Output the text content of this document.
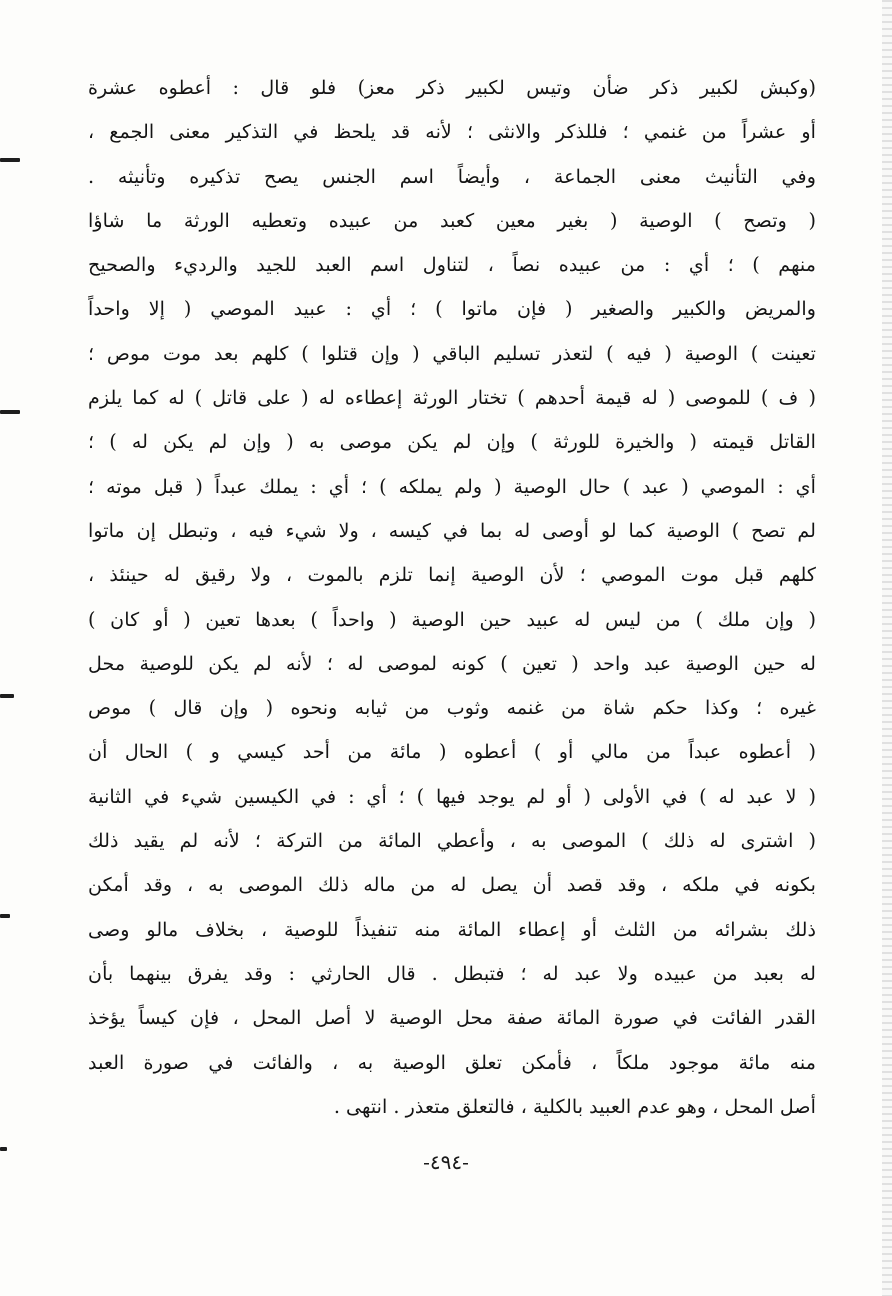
(وكبش لكبير ذكر ضأن وتيس لكبير ذكر معز) فلو قال : أعطوه عشرة
أو عشراً من غنمي ؛ فللذكر والانثى ؛ لأنه قد يلحظ في التذكير معنى الجمع ،
وفي التأنيث معنى الجماعة ، وأيضاً اسم الجنس يصح تذكيره وتأنيثه .
( وتصح ) الوصية ( بغير معين كعبد من عبيده وتعطيه الورثة ما شاؤا
منهم ) ؛ أي : من عبيده نصاً ، لتناول اسم العبد للجيد والرديء والصحيح
والمريض والكبير والصغير ( فإن ماتوا ) ؛ أي : عبيد الموصي ( إلا واحداً
تعينت ) الوصية ( فيه ) لتعذر تسليم الباقي ( وإن قتلوا ) كلهم بعد موت موص ؛
( ف ) للموصى ( له قيمة أحدهم ) تختار الورثة إعطاءه له ( على قاتل ) له كما يلزم
القاتل قيمته ( والخيرة للورثة ) وإن لم يكن موصى به ( وإن لم يكن له ) ؛
أي : الموصي ( عبد ) حال الوصية ( ولم يملكه ) ؛ أي : يملك عبداً ( قبل موته ؛
لم تصح ) الوصية كما لو أوصى له بما في كيسه ، ولا شيء فيه ، وتبطل إن ماتوا
كلهم قبل موت الموصي ؛ لأن الوصية إنما تلزم بالموت ، ولا رقيق له حينئذ ،
( وإن ملك ) من ليس له عبيد حين الوصية ( واحداً ) بعدها تعين ( أو كان )
له حين الوصية عبد واحد ( تعين ) كونه لموصى له ؛ لأنه لم يكن للوصية محل
غيره ؛ وكذا حكم شاة من غنمه وثوب من ثيابه ونحوه ( وإن قال ) موص
( أعطوه عبداً من مالي أو ) أعطوه ( مائة من أحد كيسي و ) الحال أن
( لا عبد له ) في الأولى ( أو لم يوجد فيها ) ؛ أي : في الكيسين شيء في الثانية
( اشترى له ذلك ) الموصى به ، وأعطي المائة من التركة ؛ لأنه لم يقيد ذلك
بكونه في ملكه ، وقد قصد أن يصل له من ماله ذلك الموصى به ، وقد أمكن
ذلك بشرائه من الثلث أو إعطاء المائة منه تنفيذاً للوصية ، بخلاف مالو وصى
له بعبد من عبيده ولا عبد له ؛ فتبطل . قال الحارثي : وقد يفرق بينهما بأن
القدر الفائت في صورة المائة صفة محل الوصية لا أصل المحل ، فإن كيساً يؤخذ
منه مائة موجود ملكاً ، فأمكن تعلق الوصية به ، والفائت في صورة العبد
أصل المحل ، وهو عدم العبيد بالكلية ، فالتعلق متعذر . انتهى .
-٤٩٤-
